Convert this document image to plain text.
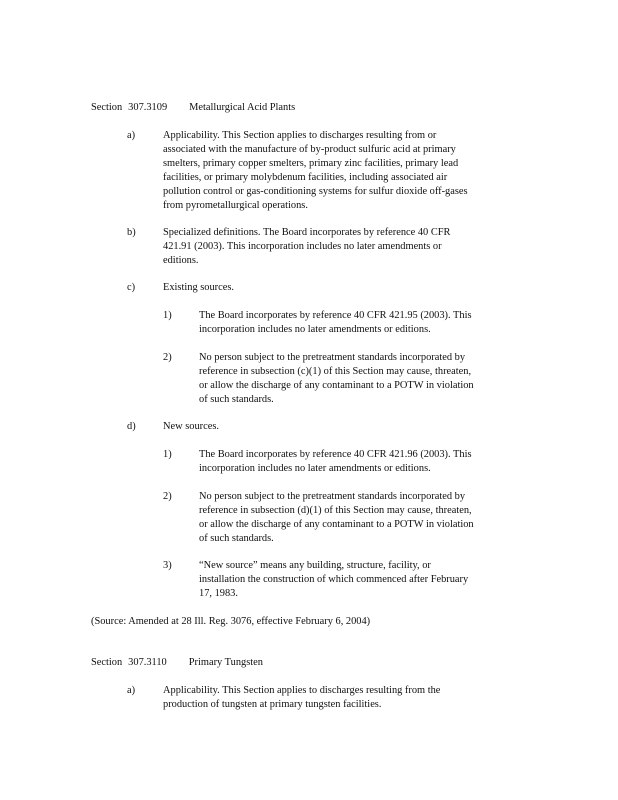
Section 307.3109 Metallurgical Acid Plants
a)	Applicability. This Section applies to discharges resulting from or

associated with the manufacture of by-product sulfuric acid at primary

smelters, primary copper smelters, primary zinc facilities, primary lead

facilities, or primary molybdenum facilities, including associated air

pollution control or gas-conditioning systems for sulfur dioxide off-gases

from pyrometallurgical operations.

b)	Specialized definitions. The Board incorporates by reference 40 CFR

421.91 (2003). This incorporation includes no later amendments or

editions.

c)	Existing sources.

1)	The Board incorporates by reference 40 CFR 421.95 (2003). This

incorporation includes no later amendments or editions.

2)	No person subject to the pretreatment standards incorporated by

reference in subsection (c)(1) of this Section may cause, threaten,

or allow the discharge of any contaminant to a POTW in violation

of such standards.

d)	New sources.

1)	The Board incorporates by reference 40 CFR 421.96 (2003). This

incorporation includes no later amendments or editions.

2)	No person subject to the pretreatment standards incorporated by

reference in subsection (d)(1) of this Section may cause, threaten,

or allow the discharge of any contaminant to a POTW in violation

of such standards.

3)	“New source” means any building, structure, facility, or

installation the construction of which commenced after February

17, 1983.

(Source: Amended at 28 Ill. Reg. 3076, effective February 6, 2004)
Section 307.3110 Primary Tungsten
a)	Applicability. This Section applies to discharges resulting from the

production of tungsten at primary tungsten facilities.
